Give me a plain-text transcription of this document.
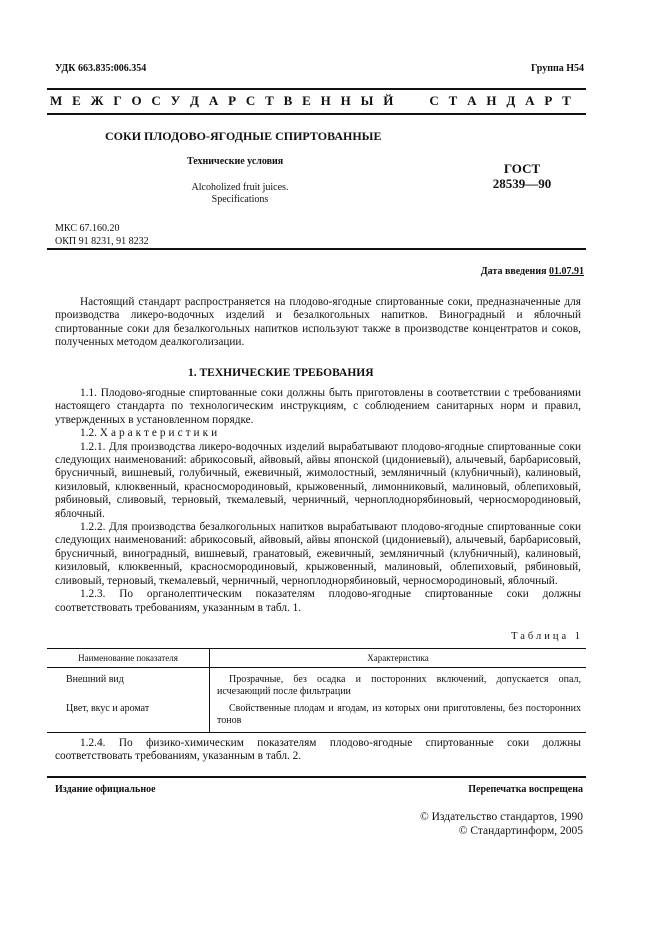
УДК 663.835:006.354	Группа Н54
М Е Ж Г О С У Д А Р С Т В Е Н Н Ы Й     С Т А Н Д А Р Т
СОКИ ПЛОДОВО-ЯГОДНЫЕ СПИРТОВАННЫЕ
Технические условия
Alcoholized fruit juices.
Specifications
ГОСТ
28539—90
МКС 67.160.20
ОКП 91 8231, 91 8232
Дата введения 01.07.91
Настоящий стандарт распространяется на плодово-ягодные спиртованные соки, предназначенные для производства ликеро-водочных изделий и безалкогольных напитков. Виноградный и яблочный спиртованные соки для безалкогольных напитков используют также в производстве концентратов и соков, полученных методом деалкоголизации.
1. ТЕХНИЧЕСКИЕ ТРЕБОВАНИЯ

1.1. Плодово-ягодные спиртованные соки должны быть приготовлены в соответствии с требованиями настоящего стандарта по технологическим инструкциям, с соблюдением санитарных норм и правил, утвержденных в установленном порядке.

1.2. Характеристики

1.2.1. Для производства ликеро-водочных изделий вырабатывают плодово-ягодные спиртованные соки следующих наименований: абрикосовый, айвовый, айвы японской (цидониевый), алычевый, барбарисовый, брусничный, вишневый, голубичный, ежевичный, жимолостный, земляничный (клубничный), калиновый, кизиловый, клюквенный, красносмородиновый, крыжовенный, лимонниковый, малиновый, облепиховый, рябиновый, сливовый, терновый, ткемалевый, черничный, черноплоднорябиновый, черносмородиновый, яблочный.

1.2.2. Для производства безалкогольных напитков вырабатывают плодово-ягодные спиртованные соки следующих наименований: абрикосовый, айвовый, айвы японской (цидониевый), алычевый, барбарисовый, брусничный, виноградный, вишневый, гранатовый, ежевичный, земляничный (клубничный), калиновый, кизиловый, клюквенный, красносмородиновый, крыжовенный, малиновый, облепиховый, рябиновый, сливовый, терновый, ткемалевый, черничный, черноплоднорябиновый, черносмородиновый, яблочный.

1.2.3. По органолептическим показателям плодово-ягодные спиртованные соки должны соответствовать требованиям, указанным в табл. 1.

Таблица 1
Наименование показателя	Характеристика
Внешний вид	Прозрачные, без осадка и посторонних включений, допускается опал, исчезающий после фильтрации
Цвет, вкус и аромат	Свойственные плодам и ягодам, из которых они приготовлены, без посторонних тонов
1.2.4. По физико-химическим показателям плодово-ягодные спиртованные соки должны соответствовать требованиям, указанным в табл. 2.
Издание официальное	Перепечатка воспрещена
© Издательство стандартов, 1990
© Стандартинформ, 2005
